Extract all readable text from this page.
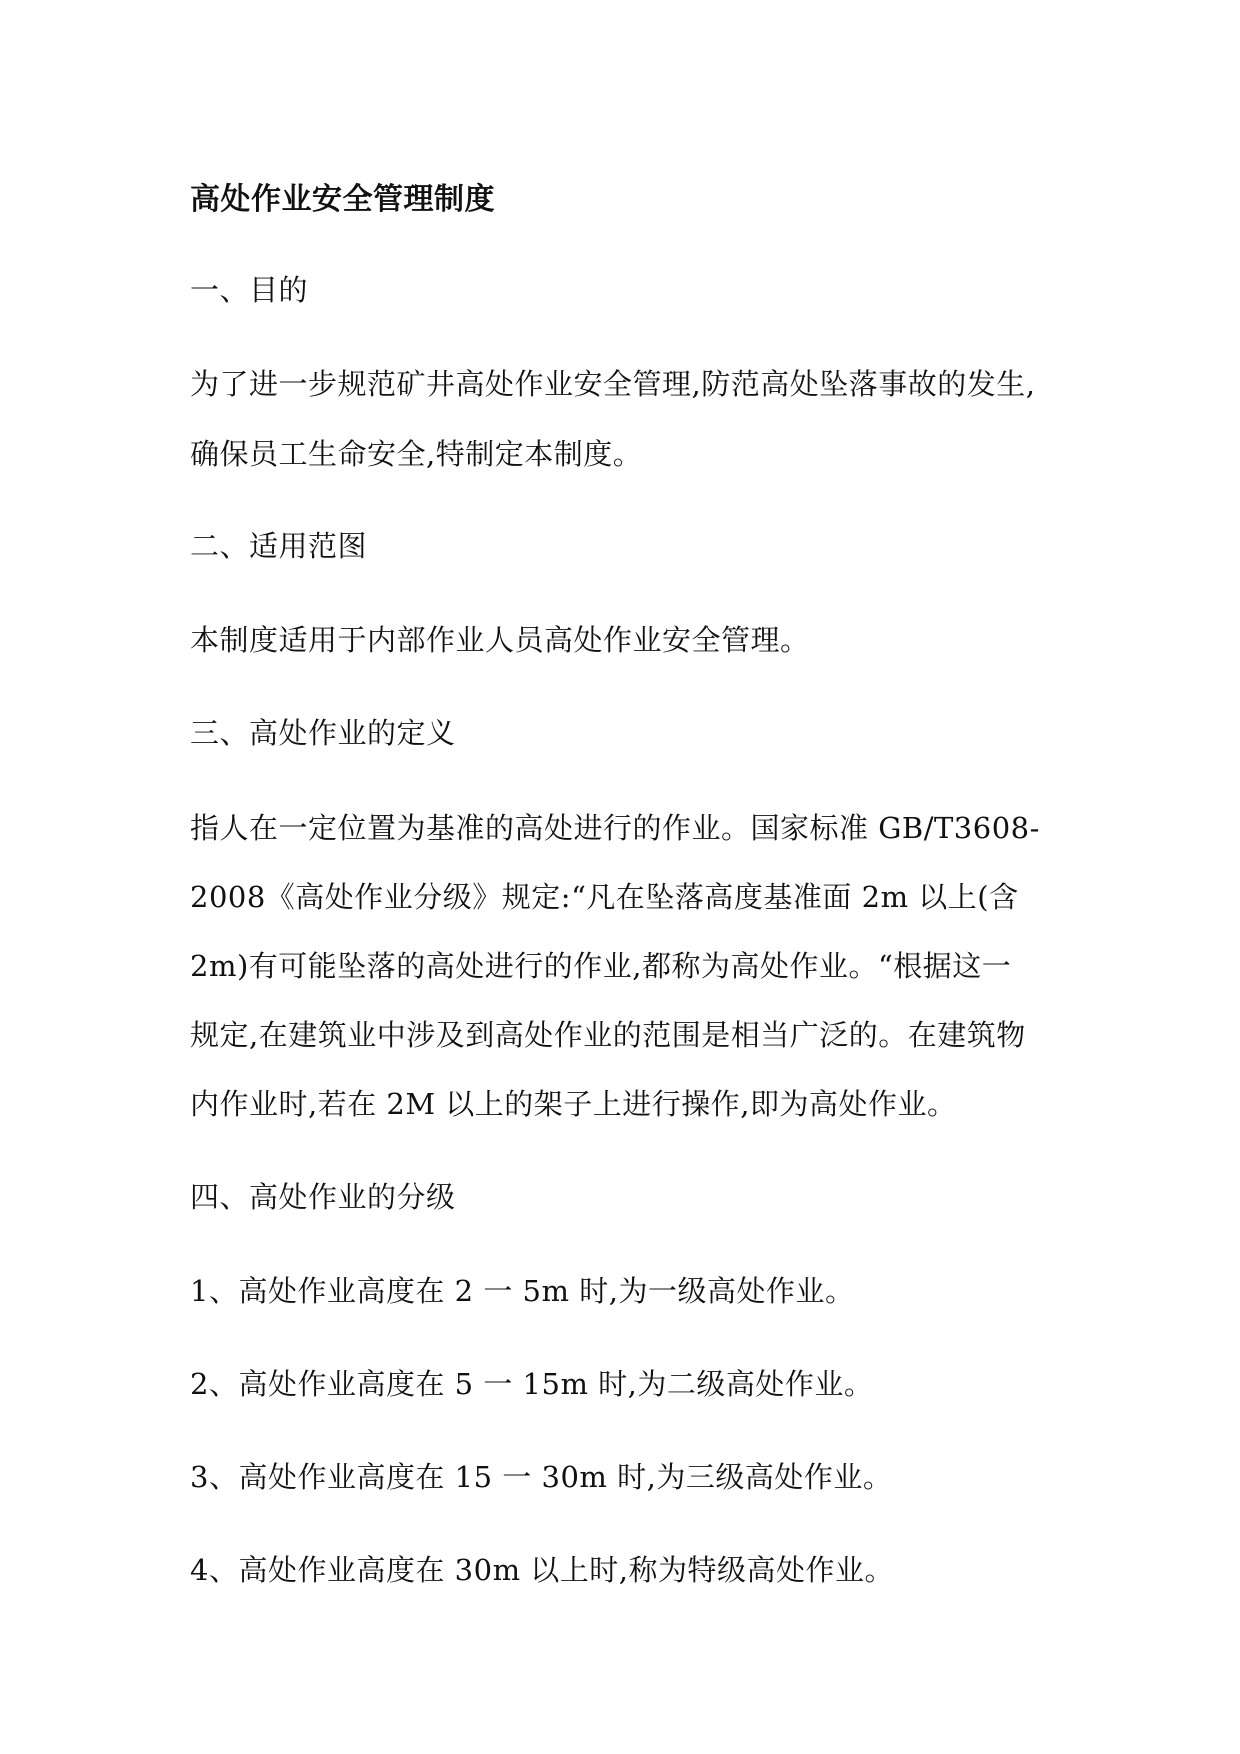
高处作业安全管理制度
一、目的
为了进一步规范矿井高处作业安全管理,防范高处坠落事故的发生,
确保员工生命安全,特制定本制度。
二、适用范图
本制度适用于内部作业人员高处作业安全管理。
三、高处作业的定义
指人在一定位置为基准的高处进行的作业。国家标准 GB/T3608-
2008《高处作业分级》规定:“凡在坠落高度基准面 2m 以上(含
2m)有可能坠落的高处进行的作业,都称为高处作业。“根据这一
规定,在建筑业中涉及到高处作业的范围是相当广泛的。在建筑物
内作业时,若在 2M 以上的架子上进行操作,即为高处作业。
四、高处作业的分级
1、高处作业高度在 2 一 5m 时,为一级高处作业。
2、高处作业高度在 5 一 15m 时,为二级高处作业。
3、高处作业高度在 15 一 30m 时,为三级高处作业。
4、高处作业高度在 30m 以上时,称为特级高处作业。
